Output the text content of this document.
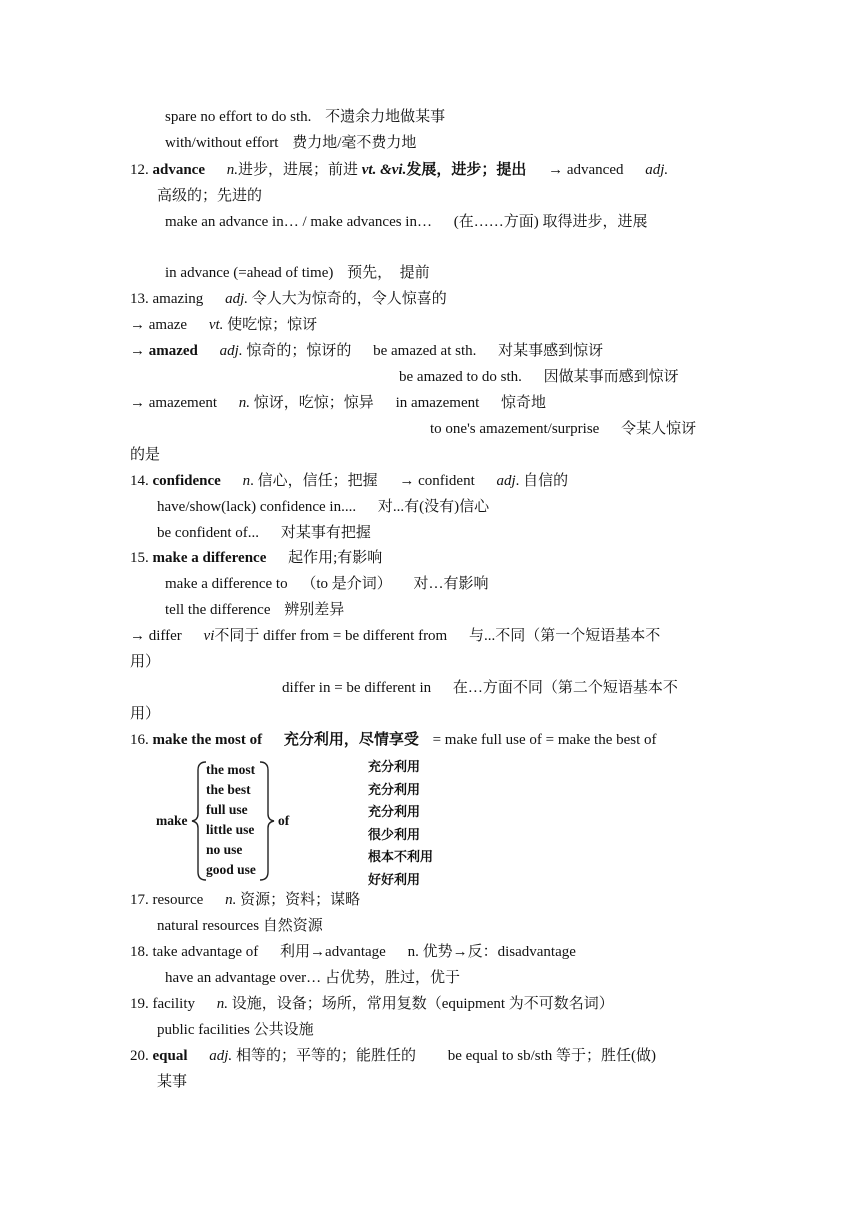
spare no effort to do sth. 不遗余力地做某事
with/without effort 费力地/毫不费力地
12. advance n.进步，进展；前进 vt. &vi.发展，进步；提出 → advanced adj.
高级的；先进的
make an advance in… / make advances in… (在……方面) 取得进步，进展
in advance (=ahead of time) 预先，　提前
13. amazing adj. 令人大为惊奇的，令人惊喜的
→ amaze vt. 使吃惊；惊讶
→ amazed adj. 惊奇的；惊讶的 be amazed at sth. 对某事感到惊讶
be amazed to do sth. 因做某事而感到惊讶
→ amazement n. 惊讶，吃惊；惊异 in amazement 惊奇地
to one's amazement/surprise 令某人惊讶
的是
14. confidence n. 信心，信任；把握 → confident adj. 自信的
have/show(lack) confidence in.... 对...有(没有)信心
be confident of... 对某事有把握
15. make a difference 起作用;有影响
make a difference to （to 是介词） 对…有影响
tell the difference 辨别差异
→ differ vi不同于 differ from = be different from 与...不同（第一个短语基本不
用）
differ in = be different in 在…方面不同（第二个短语基本不
用）
16. make the most of 充分利用，尽情享受 = make full use of = make the best of
make	of
the most
the best
full use
little use
no use
good use
充分利用
充分利用
充分利用
很少利用
根本不利用
好好利用
17. resource n. 资源；资料；谋略
natural resources 自然资源
18. take advantage of 利用→advantage n. 优势→反：disadvantage
have an advantage over… 占优势，胜过，优于
19. facility n. 设施，设备；场所，常用复数（equipment 为不可数名词）
public facilities 公共设施
20. equal adj. 相等的；平等的；能胜任的 be equal to sb/sth 等于；胜任(做)
某事
